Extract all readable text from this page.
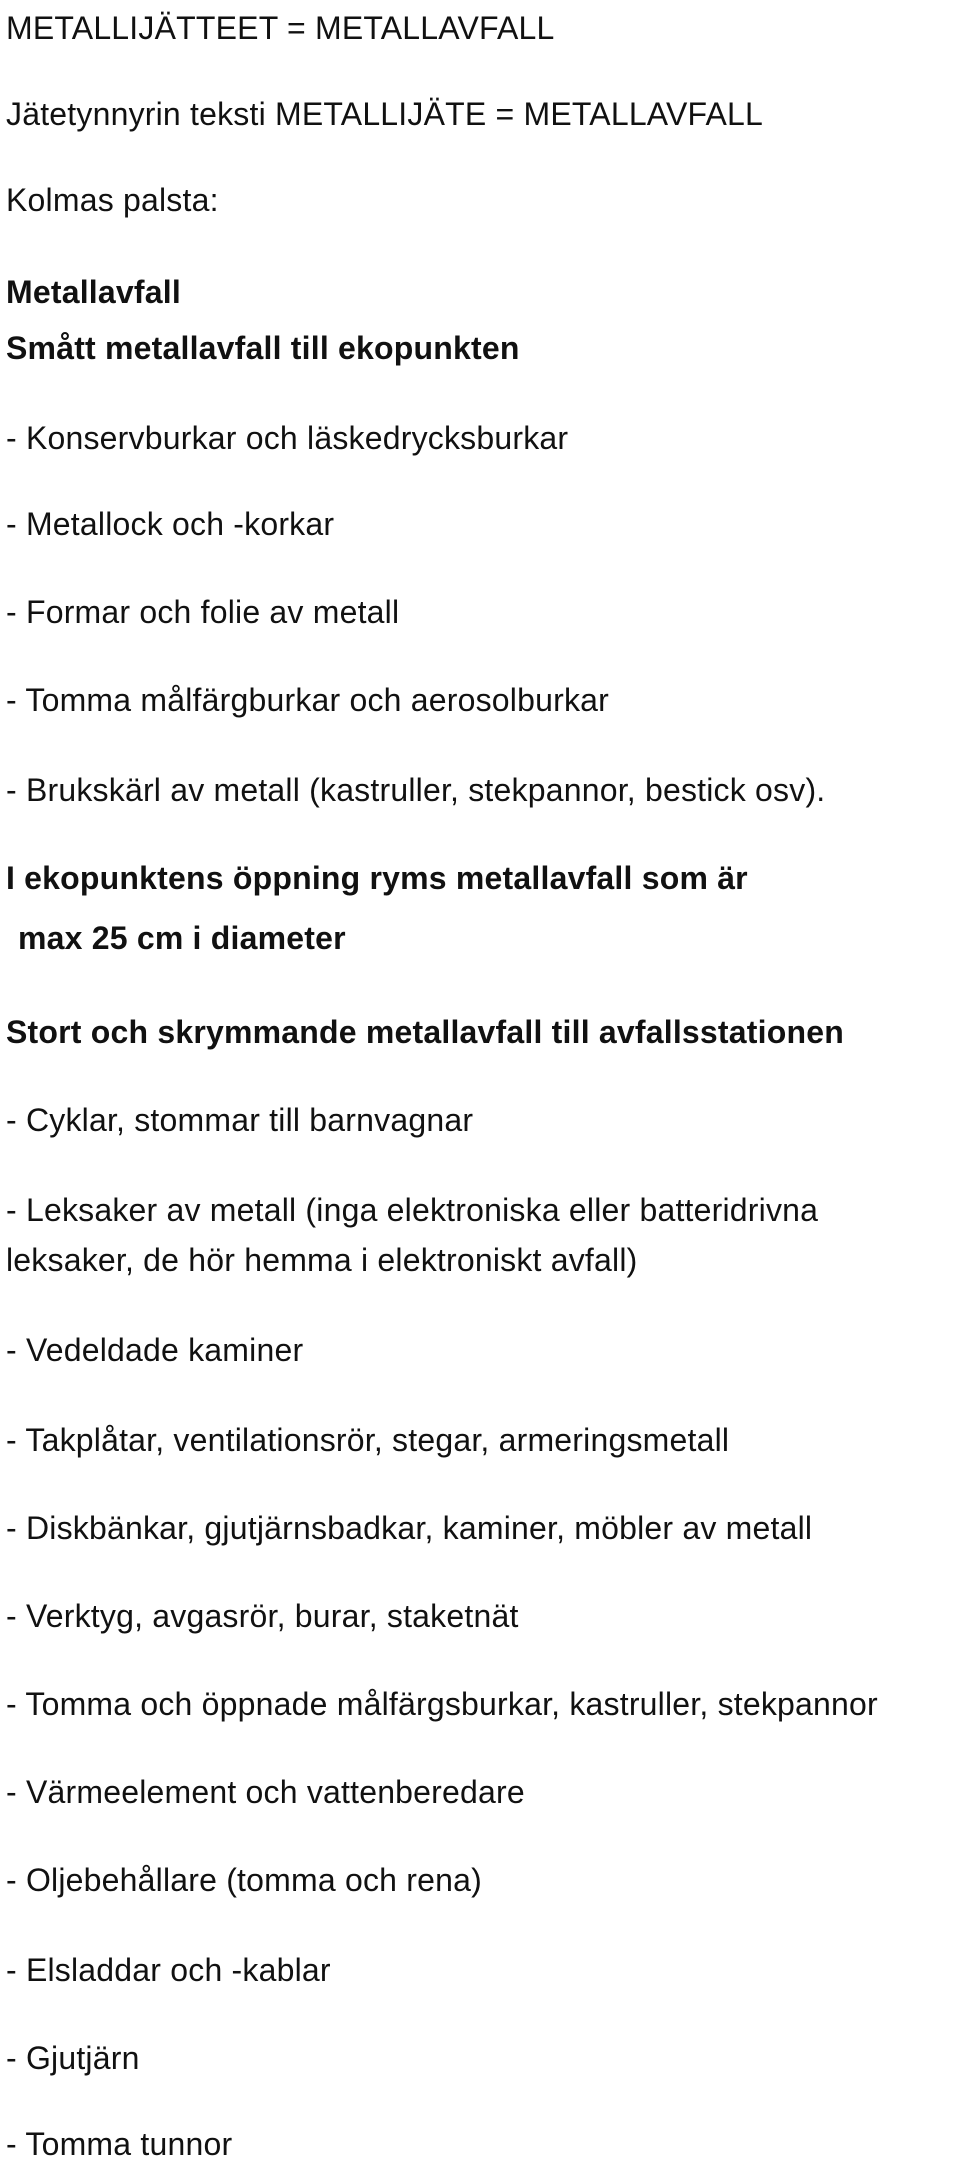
METALLIJÄTTEET = METALLAVFALL
Jätetynnyrin teksti METALLIJÄTE = METALLAVFALL
Kolmas palsta:
Metallavfall
Smått metallavfall till ekopunkten
- Konservburkar och läskedrycksburkar
- Metallock och -korkar
- Formar och folie av metall
- Tomma målfärgburkar och aerosolburkar
- Brukskärl av metall (kastruller, stekpannor, bestick osv).
I ekopunktens öppning ryms metallavfall som är
max 25 cm i diameter
Stort och skrymmande metallavfall till avfallsstationen
- Cyklar, stommar till barnvagnar
- Leksaker av metall (inga elektroniska eller batteridrivna
leksaker, de hör hemma i elektroniskt avfall)
- Vedeldade kaminer
- Takplåtar, ventilationsrör, stegar, armeringsmetall
- Diskbänkar, gjutjärnsbadkar, kaminer, möbler av metall
- Verktyg, avgasrör, burar, staketnät
- Tomma och öppnade målfärgsburkar, kastruller, stekpannor
- Värmeelement och vattenberedare
- Oljebehållare (tomma och rena)
- Elsladdar och -kablar
- Gjutjärn
- Tomma tunnor
